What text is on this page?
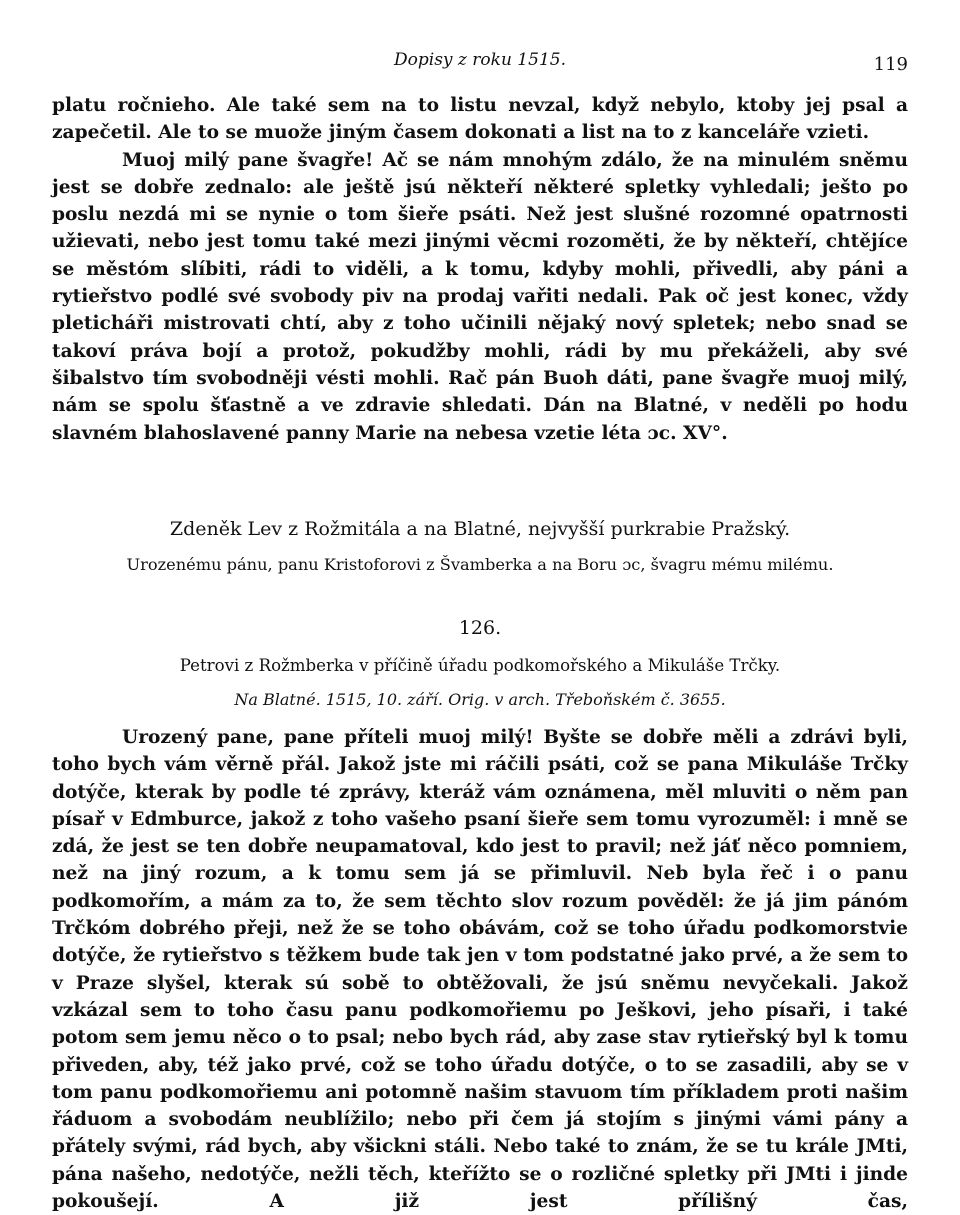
Dopisy z roku 1515.	119

platu ročnieho. Ale také sem na to listu nevzal, když nebylo, ktoby jej psal a zapečetil. Ale to se muože jiným časem dokonati a list na to z kanceláře vzieti.

Muoj milý pane švagře! Ač se nám mnohým zdálo, že na minulém sněmu jest se dobře zednalo: ale ještě jsú někteří některé spletky vyhledali; ješto po poslu nezdá mi se nynie o tom šieře psáti. Než jest slušné rozomné opatrnosti užievati, nebo jest tomu také mezi jinými věcmi rozoměti, že by někteří, chtějíce se městóm slíbiti, rádi to viděli, a k tomu, kdyby mohli, přivedli, aby páni a rytieřstvo podlé své svobody piv na prodaj vařiti nedali. Pak oč jest konec, vždy pleticháři mistrovati chtí, aby z toho učinili nějaký nový spletek; nebo snad se takoví práva bojí a protož, pokudžby mohli, rádi by mu překáželi, aby své šibalstvo tím svobodněji vésti mohli. Rač pán Buoh dáti, pane švagře muoj milý, nám se spolu šťastně a ve zdravie shledati. Dán na Blatné, v neděli po hodu slavném blahoslavené panny Marie na nebesa vzetie léta ɔc. XV°.

Zdeněk Lev z Rožmitála a na Blatné, nejvyšší purkrabie Pražský.
Urozenému pánu, panu Kristoforovi z Švamberka a na Boru ɔc, švagru mému milému.
126.
Petrovi z Rožmberka v příčině úřadu podkomořského a Mikuláše Trčky.
Na Blatné. 1515, 10. září. Orig. v arch. Třeboňském č. 3655.

Urozený pane, pane příteli muoj milý! Byšte se dobře měli a zdrávi byli, toho bych vám věrně přál. Jakož jste mi ráčili psáti, což se pana Mikuláše Trčky dotýče, kterak by podle té zprávy, kteráž vám oznámena, měl mluviti o něm pan písař v Edmburce, jakož z toho vašeho psaní šieře sem tomu vyrozuměl: i mně se zdá, že jest se ten dobře neupamatoval, kdo jest to pravil; než jáť něco pomniem, než na jiný rozum, a k tomu sem já se přimluvil. Neb byla řeč i o panu podkomořím, a mám za to, že sem těchto slov rozum pověděl: že já jim pánóm Trčkóm dobrého přeji, než že se toho obávám, což se toho úřadu podkomorstvie dotýče, že rytieřstvo s těžkem bude tak jen v tom podstatné jako prvé, a že sem to v Praze slyšel, kterak sú sobě to obtěžovali, že jsú sněmu nevyčekali. Jakož vzkázal sem to toho času panu podkomořiemu po Ješkovi, jeho písaři, i také potom sem jemu něco o to psal; nebo bych rád, aby zase stav rytieřský byl k tomu přiveden, aby, též jako prvé, což se toho úřadu dotýče, o to se zasadili, aby se v tom panu podkomořiemu ani potomně našim stavuom tím příkladem proti našim řáduom a svobodám neublížilo; nebo při čem já stojím s jinými vámi pány a přátely svými, rád bych, aby všickni stáli. Nebo také to znám, že se tu krále JMti, pána našeho, nedotýče, nežli těch, kteřížto se o rozličné spletky při JMti i jinde pokoušejí. A již jest přílišný čas,
